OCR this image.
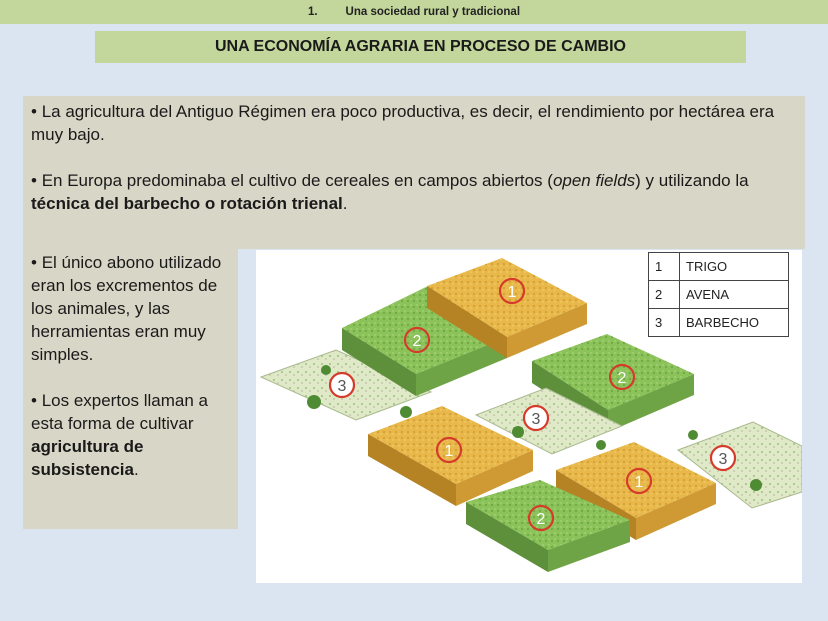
1. Una sociedad rural y tradicional
UNA ECONOMÍA AGRARIA EN PROCESO DE CAMBIO

• La agricultura del Antiguo Régimen era poco productiva, es decir, el rendimiento por hectárea era muy bajo.

• En Europa predominaba el cultivo de cereales en campos abiertos (open fields) y utilizando la técnica del barbecho o rotación trienal.

• El único abono utilizado eran los excrementos de los animales, y las herramientas eran muy simples.

• Los expertos llaman a esta forma de cultivar agricultura de subsistencia.

1
2
3
1
3
2
1
2
3
1	TRIGO
2	AVENA
3	BARBECHO
